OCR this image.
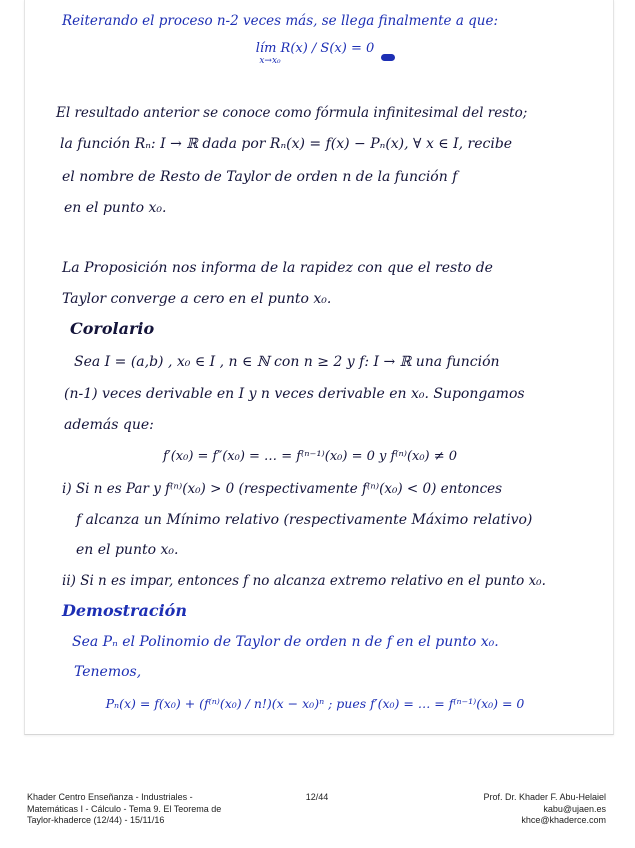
Reiterando el proceso n-2 veces más, se llega finalmente a que:

lím R(x) / S(x) = 0

x→x₀

El resultado anterior se conoce como fórmula infinitesimal del resto;

la función Rₙ: I → ℝ dada por Rₙ(x) = f(x) − Pₙ(x), ∀ x ∈ I, recibe

el nombre de Resto de Taylor de orden n de la función f

en el punto x₀.

La Proposición nos informa de la rapidez con que el resto de

Taylor converge a cero en el punto x₀.

Corolario

Sea I = (a,b) , x₀ ∈ I , n ∈ ℕ con n ≥ 2 y f: I → ℝ una función

(n-1) veces derivable en I y n veces derivable en x₀. Supongamos

además que:

f′(x₀) = f″(x₀) = … = f⁽ⁿ⁻¹⁾(x₀) = 0 y f⁽ⁿ⁾(x₀) ≠ 0

i) Si n es Par y f⁽ⁿ⁾(x₀) > 0 (respectivamente f⁽ⁿ⁾(x₀) < 0) entonces

f alcanza un Mínimo relativo (respectivamente Máximo relativo)

en el punto x₀.

ii) Si n es impar, entonces f no alcanza extremo relativo en el punto x₀.

Demostración

Sea Pₙ el Polinomio de Taylor de orden n de f en el punto x₀.

Tenemos,

Pₙ(x) = f(x₀) + (f⁽ⁿ⁾(x₀) / n!)(x − x₀)ⁿ ; pues f′(x₀) = … = f⁽ⁿ⁻¹⁾(x₀) = 0

Khader Centro Enseñanza - Industriales -
Matemáticas I - Cálculo - Tema 9. El Teorema de
Taylor-khaderce (12/44) - 15/11/16

12/44	Prof. Dr. Khader F. Abu-Helaiel
kabu@ujaen.es
khce@khaderce.com
